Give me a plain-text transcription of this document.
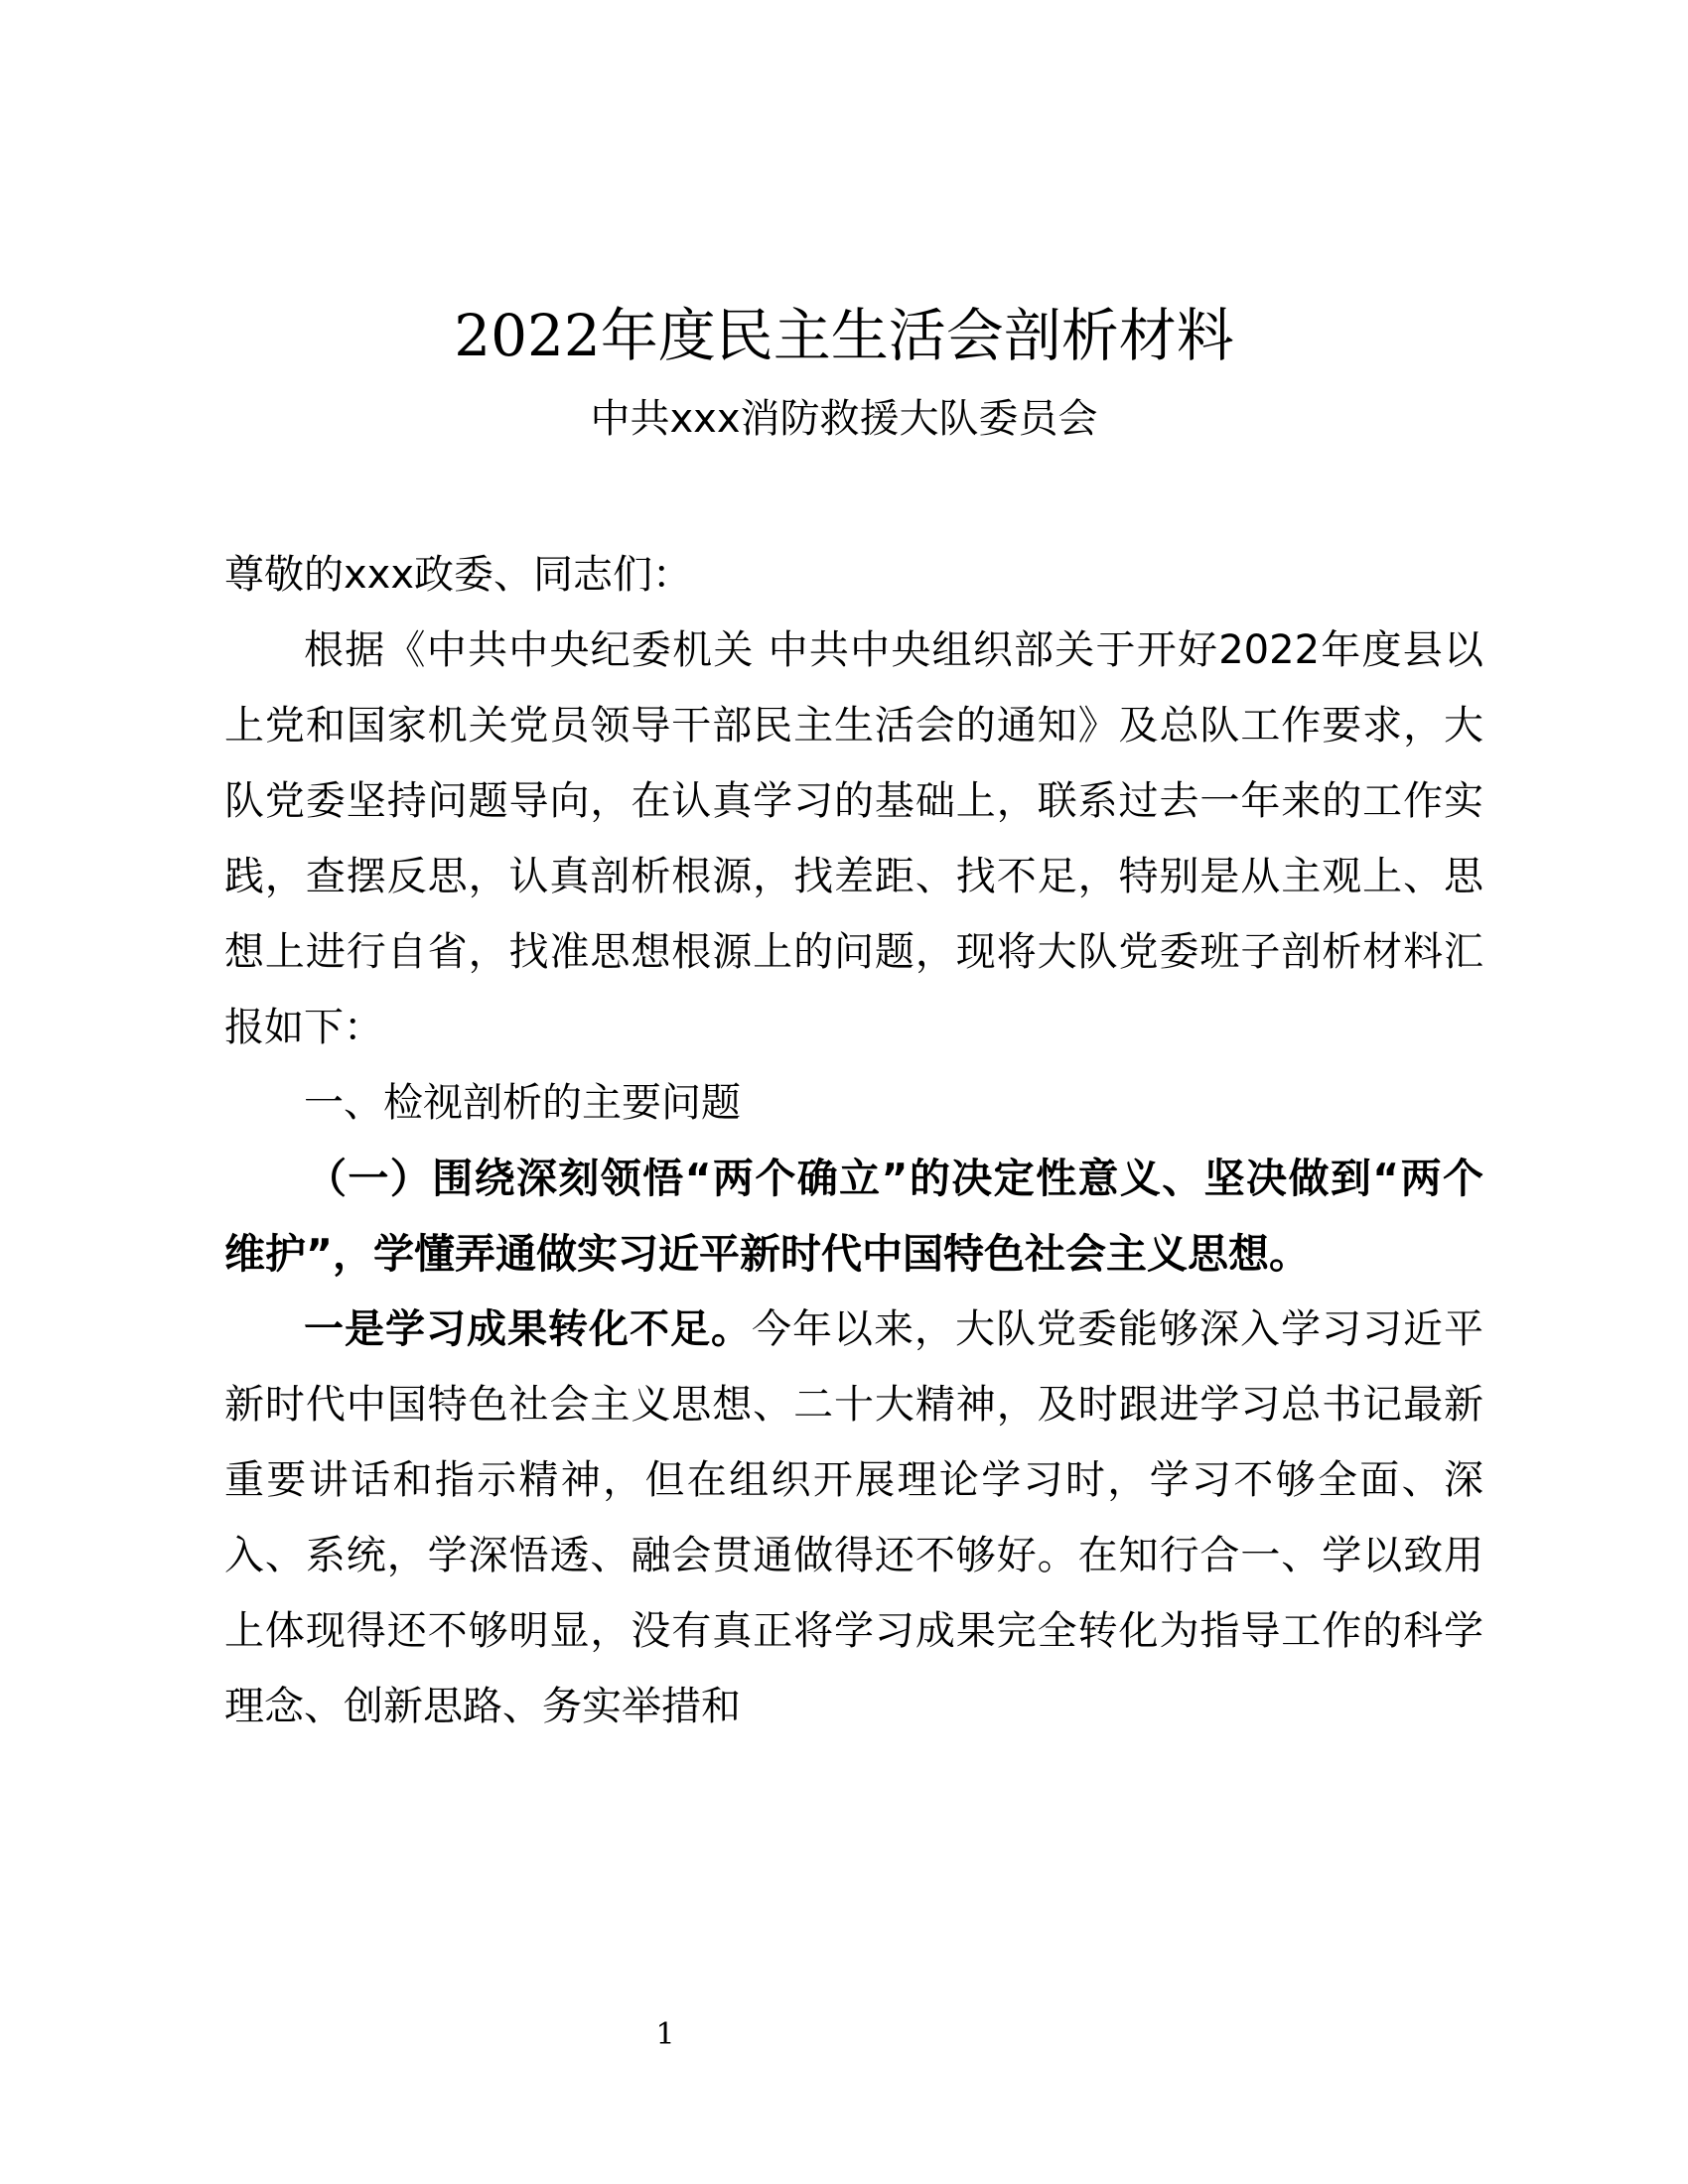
2022年度民主生活会剖析材料
中共xxx消防救援大队委员会

尊敬的xxx政委、同志们：

根据《中共中央纪委机关 中共中央组织部关于开好2022年度县以上党和国家机关党员领导干部民主生活会的通知》及总队工作要求，大队党委坚持问题导向，在认真学习的基础上，联系过去一年来的工作实践，查摆反思，认真剖析根源，找差距、找不足，特别是从主观上、思想上进行自省，找准思想根源上的问题，现将大队党委班子剖析材料汇报如下：

一、检视剖析的主要问题

（一）围绕深刻领悟“两个确立”的决定性意义、坚决做到“两个维护”，学懂弄通做实习近平新时代中国特色社会主义思想。

一是学习成果转化不足。今年以来，大队党委能够深入学习习近平新时代中国特色社会主义思想、二十大精神，及时跟进学习总书记最新重要讲话和指示精神，但在组织开展理论学习时，学习不够全面、深入、系统，学深悟透、融会贯通做得还不够好。在知行合一、学以致用上体现得还不够明显，没有真正将学习成果完全转化为指导工作的科学理念、创新思路、务实举措和

1
